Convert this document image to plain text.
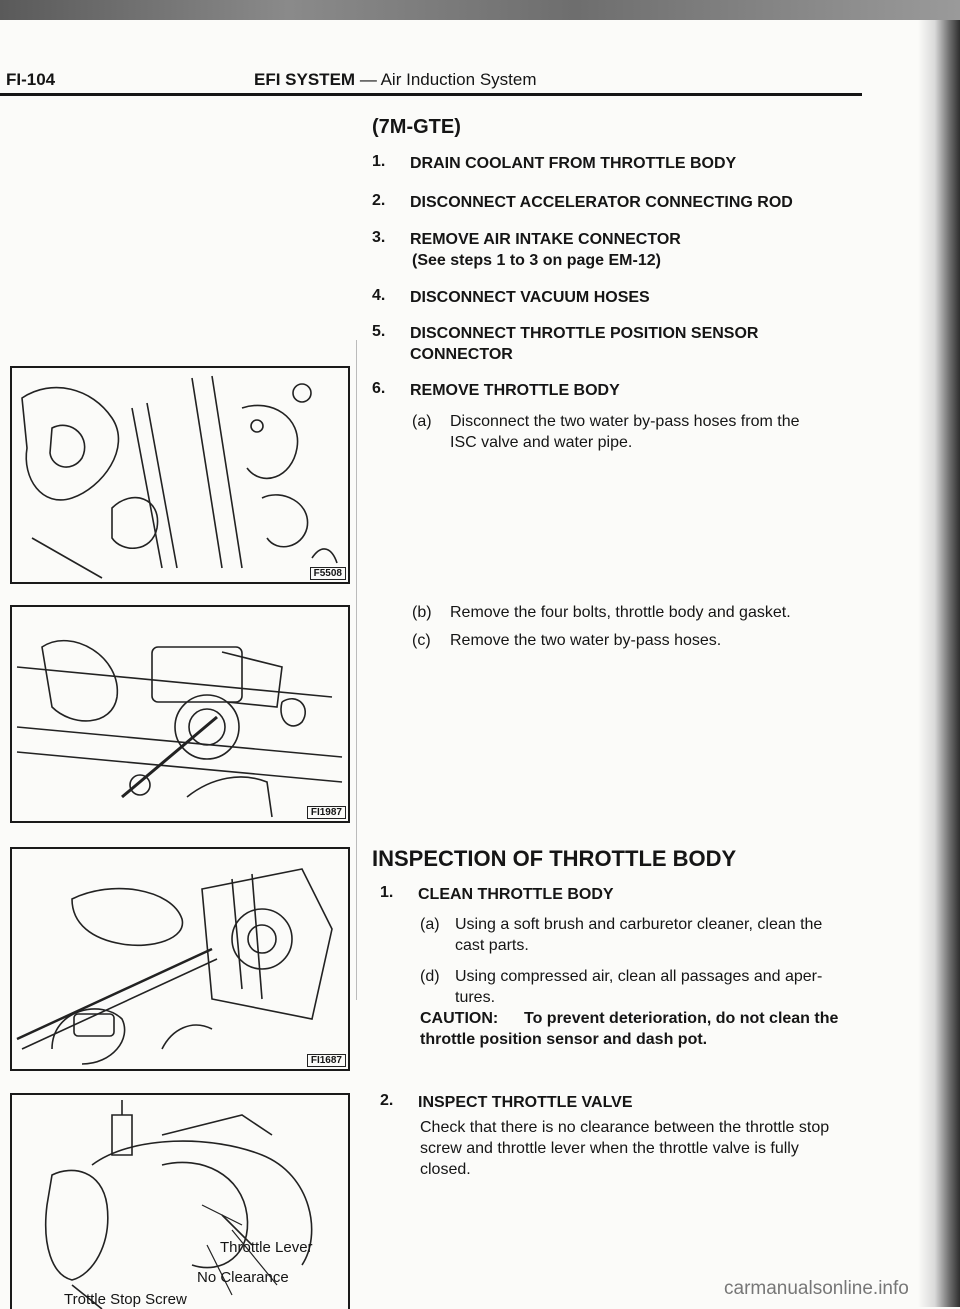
FI-104	EFI SYSTEM — Air Induction System
F5508
FI1987
FI1687
Throttle Lever
No Clearance
Trottle Stop Screw
(7M-GTE)
1. DRAIN COOLANT FROM THROTTLE BODY
2. DISCONNECT ACCELERATOR CONNECTING ROD
3. REMOVE AIR INTAKE CONNECTOR
(See steps 1 to 3 on page EM-12)
4. DISCONNECT VACUUM HOSES
5. DISCONNECT THROTTLE POSITION SENSOR
CONNECTOR
6. REMOVE THROTTLE BODY
(a) Disconnect the two water by-pass hoses from the
ISC valve and water pipe.
(b) Remove the four bolts, throttle body and gasket.
(c) Remove the two water by-pass hoses.
INSPECTION OF THROTTLE BODY
1. CLEAN THROTTLE BODY
(a) Using a soft brush and carburetor cleaner, clean the
cast parts.
(d) Using compressed air, clean all passages and aper-
tures.
CAUTION: To prevent deterioration, do not clean the
throttle position sensor and dash pot.
2. INSPECT THROTTLE VALVE
Check that there is no clearance between the throttle stop
screw and throttle lever when the throttle valve is fully
closed.
carmanualsonline.info
